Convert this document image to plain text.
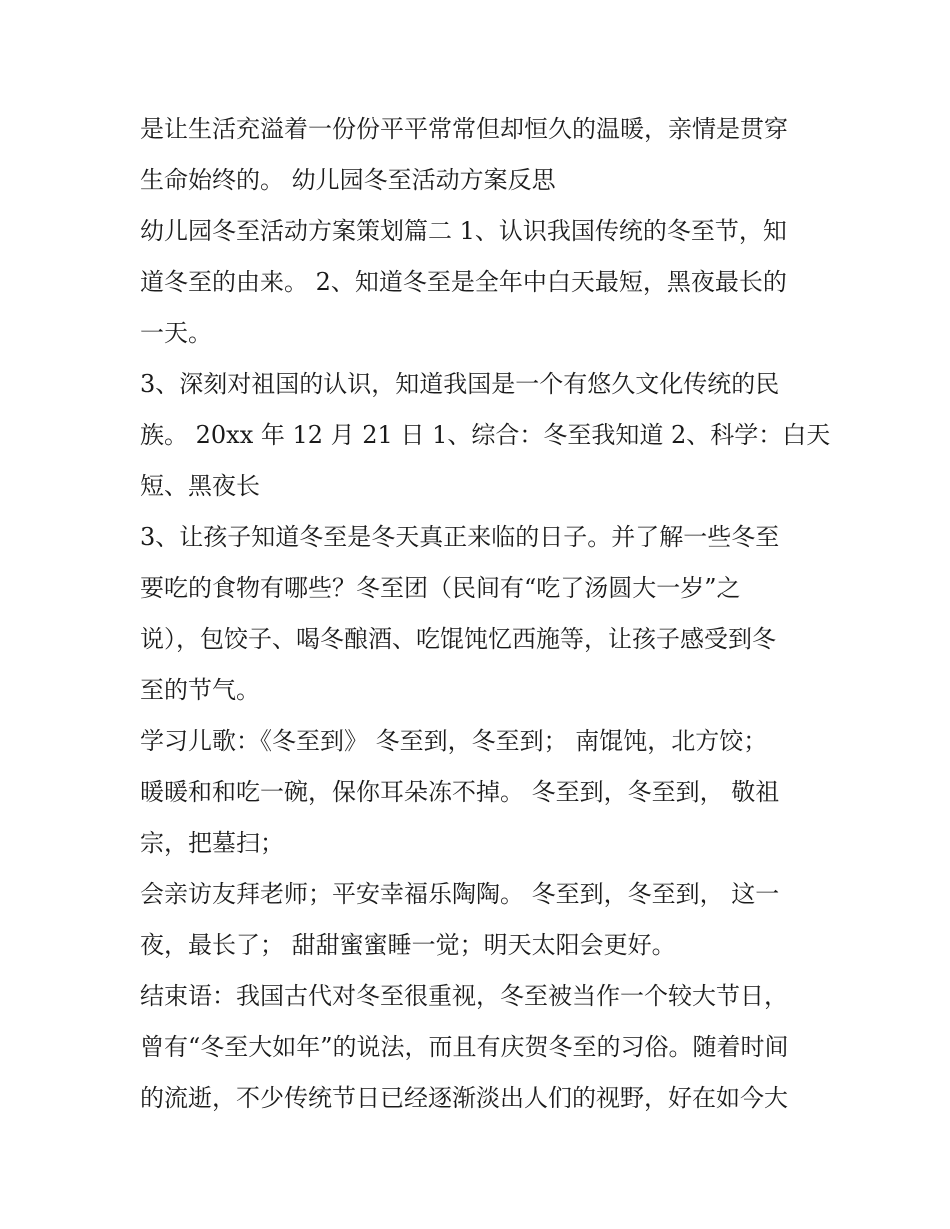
是让生活充溢着一份份平平常常但却恒久的温暖，亲情是贯穿
生命始终的。 幼儿园冬至活动方案反思
幼儿园冬至活动方案策划篇二 1、认识我国传统的冬至节，知
道冬至的由来。 2、知道冬至是全年中白天最短，黑夜最长的
一天。
3、深刻对祖国的认识，知道我国是一个有悠久文化传统的民
族。 20xx 年 12 月 21 日 1、综合：冬至我知道 2、科学：白天
短、黑夜长
3、让孩子知道冬至是冬天真正来临的日子。并了解一些冬至
要吃的食物有哪些？冬至团（民间有“吃了汤圆大一岁”之
说），包饺子、喝冬酿酒、吃馄饨忆西施等，让孩子感受到冬
至的节气。
学习儿歌：《冬至到》 冬至到，冬至到； 南馄饨，北方饺；
暖暖和和吃一碗，保你耳朵冻不掉。 冬至到，冬至到， 敬祖
宗，把墓扫；
会亲访友拜老师；平安幸福乐陶陶。 冬至到，冬至到， 这一
夜，最长了； 甜甜蜜蜜睡一觉；明天太阳会更好。
结束语：我国古代对冬至很重视，冬至被当作一个较大节日，
曾有“冬至大如年”的说法，而且有庆贺冬至的习俗。随着时间
的流逝，不少传统节日已经逐渐淡出人们的视野，好在如今大
